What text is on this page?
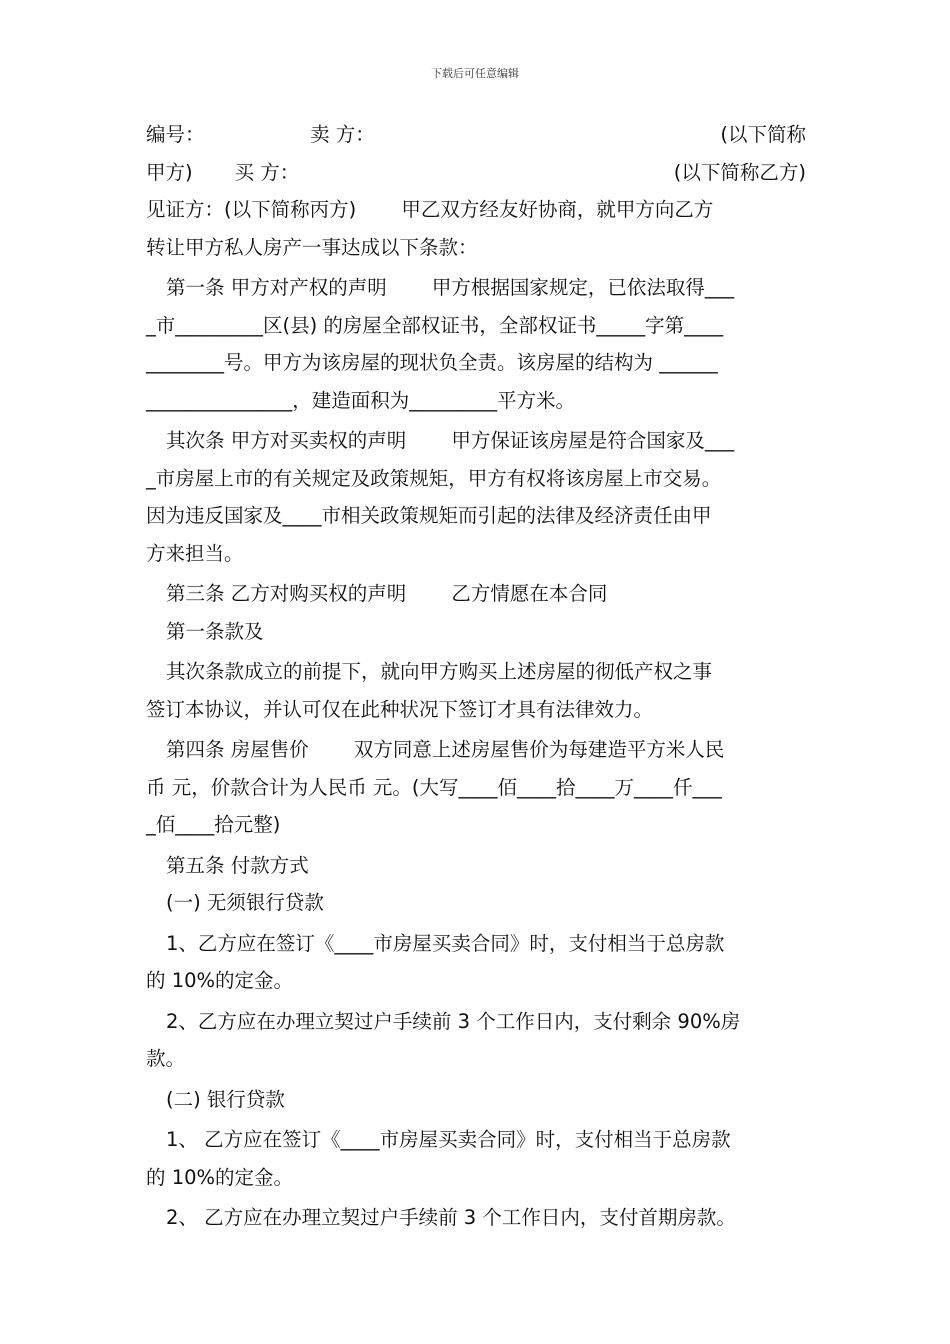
下载后可任意编辑
编号：	卖 方：	(以下简称
甲方) 买 方：	(以下简称乙方)

见证方：(以下简称丙方)　　 甲乙双方经友好协商，就甲方向乙方

转让甲方私人房产一事达成以下条款：

第一条 甲方对产权的声明　　 甲方根据国家规定，已依法取得___

_市_________区(县) 的房屋全部权证书，全部权证书_____字第____

________号。甲方为该房屋的现状负全责。该房屋的结构为 ______

_______________，建造面积为_________平方米。

其次条 甲方对买卖权的声明　　 甲方保证该房屋是符合国家及___

_市房屋上市的有关规定及政策规矩，甲方有权将该房屋上市交易。

因为违反国家及____市相关政策规矩而引起的法律及经济责任由甲

方来担当。

第三条 乙方对购买权的声明　　 乙方情愿在本合同

第一条款及

其次条款成立的前提下，就向甲方购买上述房屋的彻低产权之事

签订本协议，并认可仅在此种状况下签订才具有法律效力。

第四条 房屋售价　　 双方同意上述房屋售价为每建造平方米人民

币 元，价款合计为人民币 元。(大写____佰____拾____万____仟___

_佰____拾元整)

第五条 付款方式

(一) 无须银行贷款

1、乙方应在签订《____市房屋买卖合同》时，支付相当于总房款

的 10%的定金。

2、乙方应在办理立契过户手续前 3 个工作日内，支付剩余 90%房

款。

(二) 银行贷款

1、 乙方应在签订《____市房屋买卖合同》时，支付相当于总房款

的 10%的定金。

2、 乙方应在办理立契过户手续前 3 个工作日内，支付首期房款。
